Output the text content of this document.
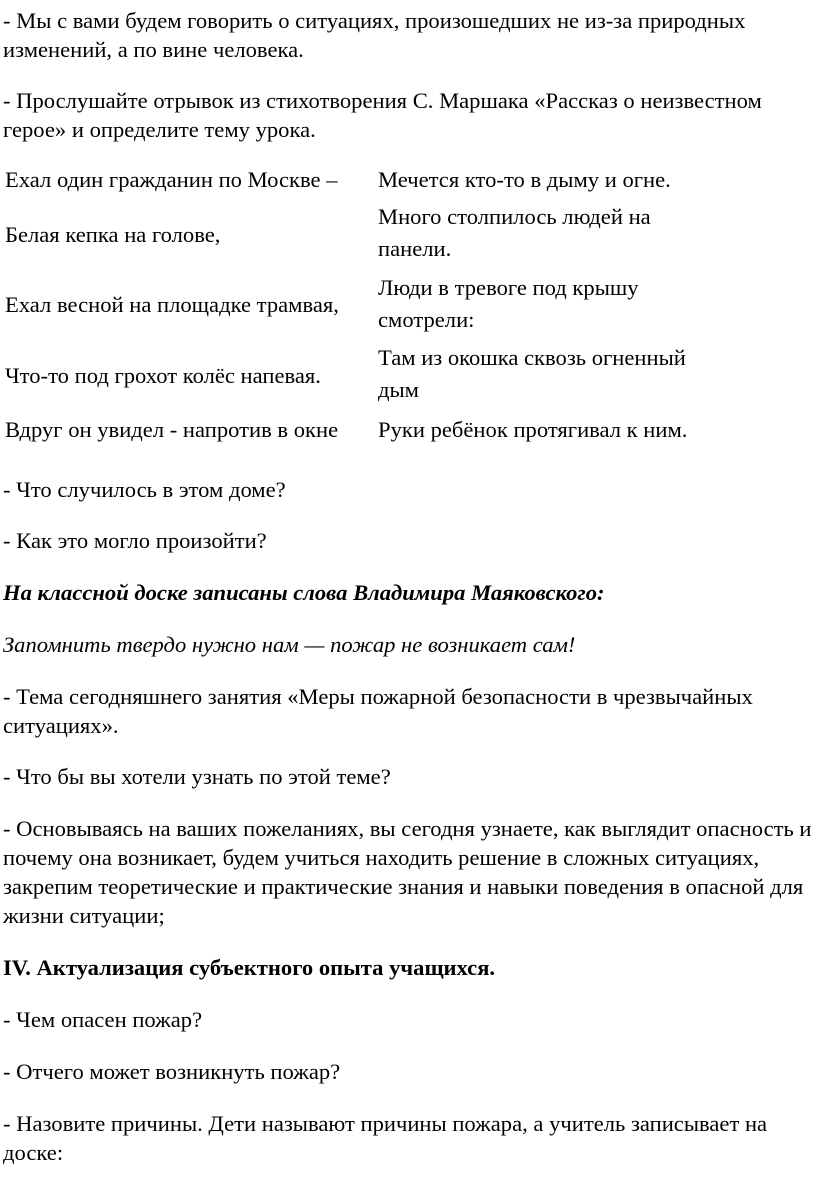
- Мы с вами будем говорить о ситуациях, произошедших не из-за природных изменений, а по вине человека.

- Прослушайте отрывок из стихотворения С. Маршака «Рассказ о неизвестном герое» и определите тему урока.

Ехал один гражданин по Москве –	Мечется кто-то в дыму и огне.
Белая кепка на голове,
Много столпилось людей на панели.
Ехал весной на площадке трамвая,
Люди в тревоге под крышу смотрели:
Что-то под грохот колёс напевая.
Там из окошка сквозь огненный дым
Вдруг он увидел - напротив в окне	Руки ребёнок протягивал к ним.

- Что случилось в этом доме?

- Как это могло произойти?

На классной доске записаны слова Владимира Маяковского:

Запомнить твердо нужно нам — пожар не возникает сам!

- Тема сегодняшнего занятия «Меры пожарной безопасности в чрезвычайных ситуациях».

- Что бы вы хотели узнать по этой теме?

- Основываясь на ваших пожеланиях, вы сегодня узнаете, как выглядит опасность и почему она возникает, будем учиться находить решение в сложных ситуациях, закрепим теоретические и практические знания и навыки поведения в опасной для жизни ситуации;

IV. Актуализация субъектного опыта учащихся.

- Чем опасен пожар?

- Отчего может возникнуть пожар?

- Назовите причины. Дети называют причины пожара, а учитель записывает на доске:
